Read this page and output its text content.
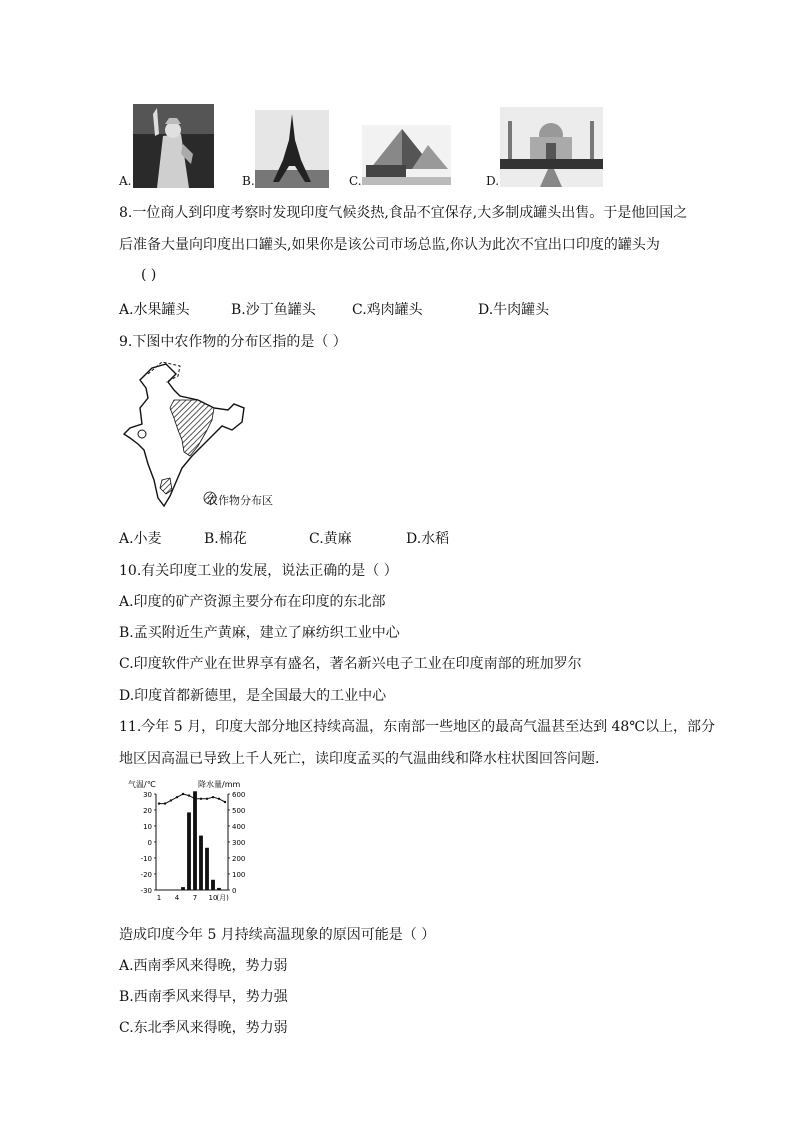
A.	B.	C.	D.
8.一位商人到印度考察时发现印度气候炎热,食品不宜保存,大多制成罐头出售。于是他回国之
后准备大量向印度出口罐头,如果你是该公司市场总监,你认为此次不宜出口印度的罐头为
( )
A.水果罐头	B.沙丁鱼罐头	C.鸡肉罐头	D.牛肉罐头
9.下图中农作物的分布区指的是（ ）
农作物分布区
A.小麦	B.棉花	C.黄麻	D.水稻
10.有关印度工业的发展，说法正确的是（ ）
A.印度的矿产资源主要分布在印度的东北部
B.孟买附近生产黄麻，建立了麻纺织工业中心
C.印度软件产业在世界享有盛名，著名新兴电子工业在印度南部的班加罗尔
D.印度首都新德里，是全国最大的工业中心
11.今年 5 月，印度大部分地区持续高温，东南部一些地区的最高气温甚至达到 48℃以上，部分
地区因高温已导致上千人死亡，读印度孟买的气温曲线和降水柱状图回答问题.
气温/℃	降水量/mm
30
20
10
0
-10
-20
-30
600
500
400
300
200
100
0
1 4 7 10
(月)
造成印度今年 5 月持续高温现象的原因可能是（ ）
A.西南季风来得晚，势力弱
B.西南季风来得早，势力强
C.东北季风来得晚，势力弱
